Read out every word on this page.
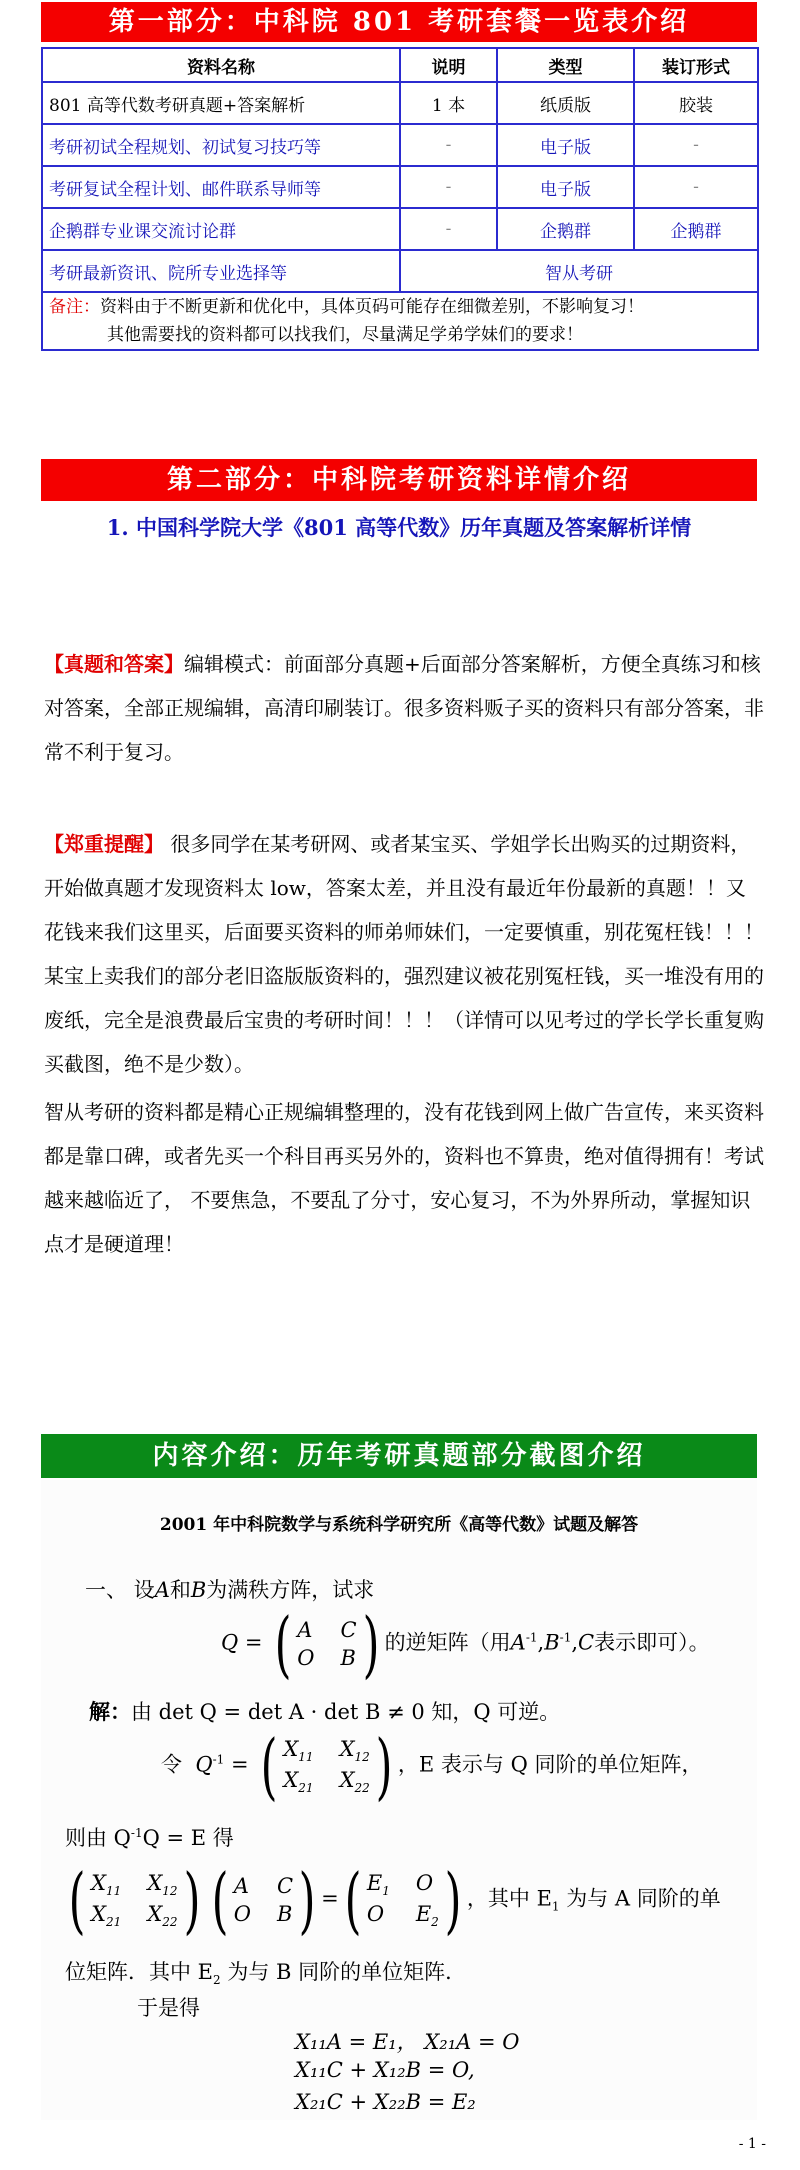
第一部分：中科院 801 考研套餐一览表介绍
资料名称	说明	类型	装订形式
801 高等代数考研真题+答案解析	1 本	纸质版	胶装
考研初试全程规划、初试复习技巧等	-	电子版	-
考研复试全程计划、邮件联系导师等	-	电子版	-
企鹅群专业课交流讨论群	-	企鹅群	企鹅群
考研最新资讯、院所专业选择等	智从考研		
备注：资料由于不断更新和优化中，具体页码可能存在细微差别，不影响复习！
其他需要找的资料都可以找我们，尽量满足学弟学妹们的要求！			
第二部分：中科院考研资料详情介绍
1. 中国科学院大学《801 高等代数》历年真题及答案解析详情
【真题和答案】编辑模式：前面部分真题+后面部分答案解析，方便全真练习和核对答案，全部正规编辑，高清印刷装订。很多资料贩子买的资料只有部分答案，非常不利于复习。
【郑重提醒】 很多同学在某考研网、或者某宝买、学姐学长出购买的过期资料，开始做真题才发现资料太 low，答案太差，并且没有最近年份最新的真题！！又花钱来我们这里买，后面要买资料的师弟师妹们，一定要慎重，别花冤枉钱！！！ 某宝上卖我们的部分老旧盗版版资料的，强烈建议被花别冤枉钱，买一堆没有用的废纸，完全是浪费最后宝贵的考研时间！！！（详情可以见考过的学长学长重复购买截图，绝不是少数）。
智从考研的资料都是精心正规编辑整理的，没有花钱到网上做广告宣传，来买资料都是靠口碑，或者先买一个科目再买另外的，资料也不算贵，绝对值得拥有！考试越来越临近了， 不要焦急，不要乱了分寸，安心复习，不为外界所动，掌握知识点才是硬道理！
内容介绍：历年考研真题部分截图介绍
2001 年中科院数学与系统科学研究所《高等代数》试题及解答
一、 设A和B为满秩方阵，试求
Q = ( A C
O B ) 的逆矩阵（用$A^{-1},B^{-1},C$表示即可）。
解：由 det Q = det A · det B ≠ 0 知，Q 可逆。
令 $Q^{-1}$ = ( $X_{11}$ $X_{12}$
$X_{21}$ $X_{22}$ ) ，E 表示与 Q 同阶的单位矩阵，
则由 $Q^{-1}Q = E$ 得
( $X_{11}$ $X_{12}$
$X_{21}$ $X_{22}$ ) ( A C
O B ) = ( $E_1$ O
O $E_2$ ) ，其中 $E_1$ 为与 A 同阶的单
位矩阵．其中 $E_2$ 为与 B 同阶的单位矩阵．
于是得
X₁₁A = E₁， X₂₁A = O
X₁₁C + X₁₂B = O,
X₂₁C + X₂₂B = E₂
- 1 -
